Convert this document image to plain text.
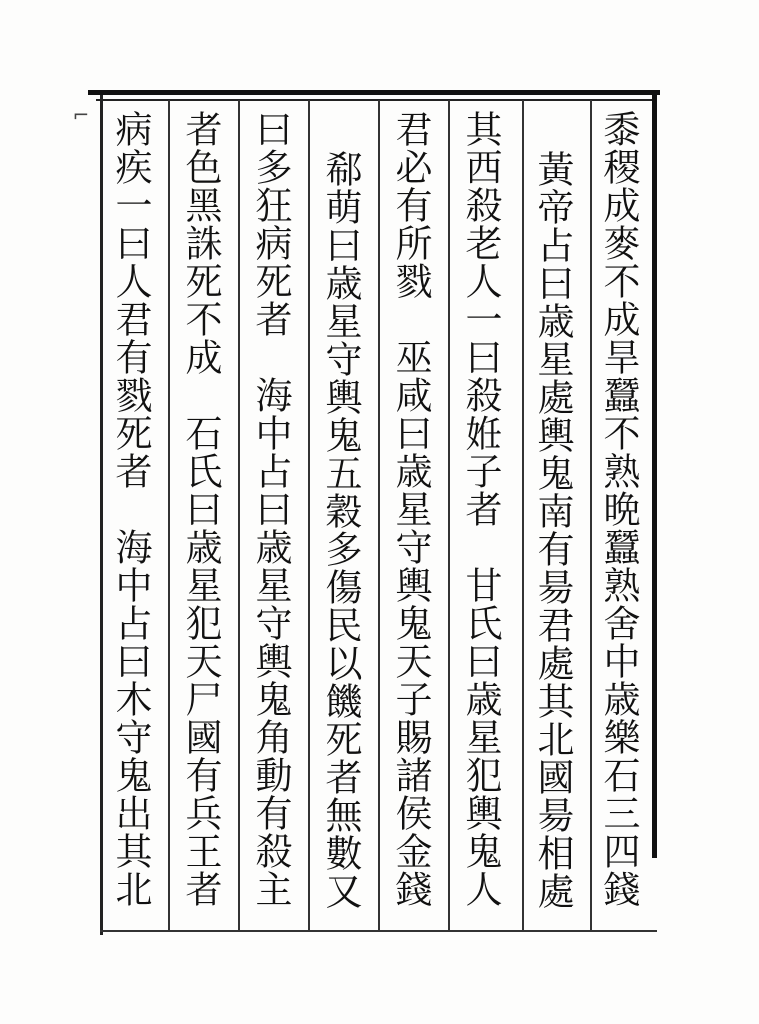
⌐	黍稷成麥不成旱蠶不熟晩蠶熟舍中歳樂石三四錢
黃帝占曰歳星處輿鬼南有昜君處其北國昜相處
其西殺老人一曰殺姙子者　甘氏曰歳星犯輿鬼人
君必有所戮　巫咸曰歳星守輿鬼天子賜諸侯金錢
郗萌曰歳星守輿鬼五穀多傷民以饑死者無數又
曰多狂病死者　海中占曰歳星守輿鬼角動有殺主
者色黑誅死不成　石氏曰歳星犯天尸國有兵王者
病疾一曰人君有戮死者　海中占曰木守鬼出其北
